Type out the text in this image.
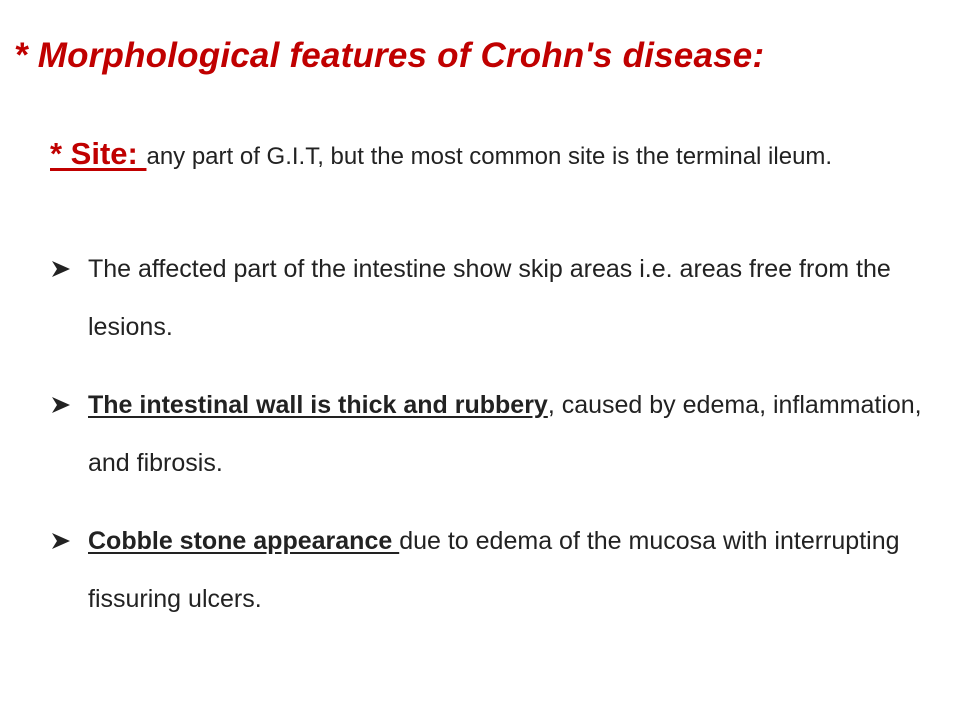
* Morphological features of Crohn's disease:
* Site: any part of G.I.T, but the most common site is the terminal ileum.
The affected part of the intestine show skip areas i.e. areas free from the lesions.
The intestinal wall is thick and rubbery, caused by edema, inflammation, and fibrosis.
Cobble stone appearance due to edema of the mucosa with interrupting fissuring ulcers.
